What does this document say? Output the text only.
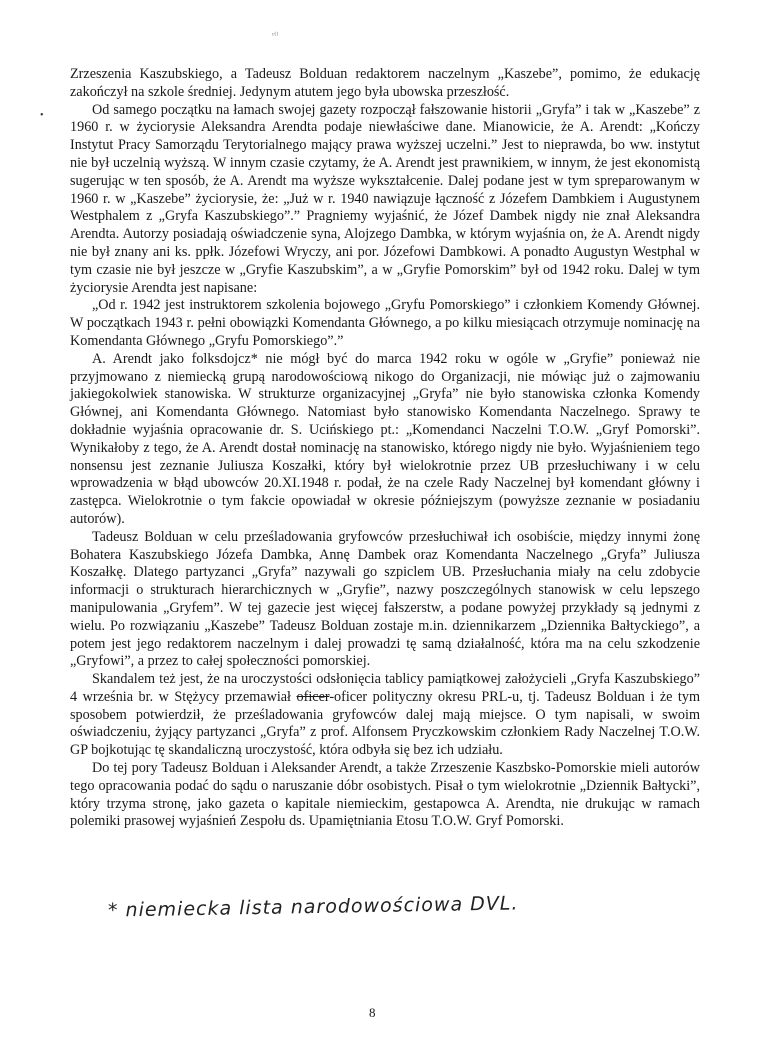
ᶜ⁽ˡ
•

Zrzeszenia Kaszubskiego, a Tadeusz Bolduan redaktorem naczelnym „Kaszebe”, pomimo, że edukację zakończył na szkole średniej. Jedynym atutem jego była ubowska przeszłość.

Od samego początku na łamach swojej gazety rozpoczął fałszowanie historii „Gryfa” i tak w „Kaszebe” z 1960 r. w życiorysie Aleksandra Arendta podaje niewłaściwe dane. Mianowicie, że A. Arendt: „Kończy Instytut Pracy Samorządu Terytorialnego mający prawa wyższej uczelni.” Jest to nieprawda, bo ww. instytut nie był uczelnią wyższą. W innym czasie czytamy, że A. Arendt jest prawnikiem, w innym, że jest ekonomistą sugerując w ten sposób, że A. Arendt ma wyższe wykształcenie. Dalej podane jest w tym spreparowanym w 1960 r. w „Kaszebe” życiorysie, że: „Już w r. 1940 nawiązuje łączność z Józefem Dambkiem i Augustynem Westphalem z „Gryfa Kaszubskiego”.” Pragniemy wyjaśnić, że Józef Dambek nigdy nie znał Aleksandra Arendta. Autorzy posiadają oświadczenie syna, Alojzego Dambka, w którym wyjaśnia on, że A. Arendt nigdy nie był znany ani ks. ppłk. Józefowi Wryczy, ani por. Józefowi Dambkowi. A ponadto Augustyn Westphal w tym czasie nie był jeszcze w „Gryfie Kaszubskim”, a w „Gryfie Pomorskim” był od 1942 roku. Dalej w tym życiorysie Arendta jest napisane:

„Od r. 1942 jest instruktorem szkolenia bojowego „Gryfu Pomorskiego” i członkiem Komendy Głównej. W początkach 1943 r. pełni obowiązki Komendanta Głównego, a po kilku miesiącach otrzymuje nominację na Komendanta Głównego „Gryfu Pomorskiego”.”

A. Arendt jako folksdojcz* nie mógł być do marca 1942 roku w ogóle w „Gryfie” ponieważ nie przyjmowano z niemiecką grupą narodowościową nikogo do Organizacji, nie mówiąc już o zajmowaniu jakiegokolwiek stanowiska. W strukturze organizacyjnej „Gryfa” nie było stanowiska członka Komendy Głównej, ani Komendanta Głównego. Natomiast było stanowisko Komendanta Naczelnego. Sprawy te dokładnie wyjaśnia opracowanie dr. S. Ucińskiego pt.: „Komendanci Naczelni T.O.W. „Gryf Pomorski”. Wynikałoby z tego, że A. Arendt dostał nominację na stanowisko, którego nigdy nie było. Wyjaśnieniem tego nonsensu jest zeznanie Juliusza Koszałki, który był wielokrotnie przez UB przesłuchiwany i w celu wprowadzenia w błąd ubowców 20.XI.1948 r. podał, że na czele Rady Naczelnej był komendant główny i zastępca. Wielokrotnie o tym fakcie opowiadał w okresie późniejszym (powyższe zeznanie w posiadaniu autorów).

Tadeusz Bolduan w celu prześladowania gryfowców przesłuchiwał ich osobiście, między innymi żonę Bohatera Kaszubskiego Józefa Dambka, Annę Dambek oraz Komendanta Naczelnego „Gryfa” Juliusza Koszałkę. Dlatego partyzanci „Gryfa” nazywali go szpiclem UB. Przesłuchania miały na celu zdobycie informacji o strukturach hierarchicznych w „Gryfie”, nazwy poszczególnych stanowisk w celu lepszego manipulowania „Gryfem”. W tej gazecie jest więcej fałszerstw, a podane powyżej przykłady są jednymi z wielu. Po rozwiązaniu „Kaszebe” Tadeusz Bolduan zostaje m.in. dziennikarzem „Dziennika Bałtyckiego”, a potem jest jego redaktorem naczelnym i dalej prowadzi tę samą działalność, która ma na celu szkodzenie „Gryfowi”, a przez to całej społeczności pomorskiej.

Skandalem też jest, że na uroczystości odsłonięcia tablicy pamiątkowej założycieli „Gryfa Kaszubskiego” 4 września br. w Stężycy przemawiał oficer-oficer polityczny okresu PRL-u, tj. Tadeusz Bolduan i że tym sposobem potwierdził, że prześladowania gryfowców dalej mają miejsce. O tym napisali, w swoim oświadczeniu, żyjący partyzanci „Gryfa” z prof. Alfonsem Pryczkowskim członkiem Rady Naczelnej T.O.W. GP bojkotując tę skandaliczną uroczystość, która odbyła się bez ich udziału.

Do tej pory Tadeusz Bolduan i Aleksander Arendt, a także Zrzeszenie Kaszbsko-Pomorskie mieli autorów tego opracowania podać do sądu o naruszanie dóbr osobistych. Pisał o tym wielokrotnie „Dziennik Bałtycki”, który trzyma stronę, jako gazeta o kapitale niemieckim, gestapowca A. Arendta, nie drukując w ramach polemiki prasowej wyjaśnień Zespołu ds. Upamiętniania Etosu T.O.W. Gryf Pomorski.

* niemiecka lista narodowościowa DVL.
8
